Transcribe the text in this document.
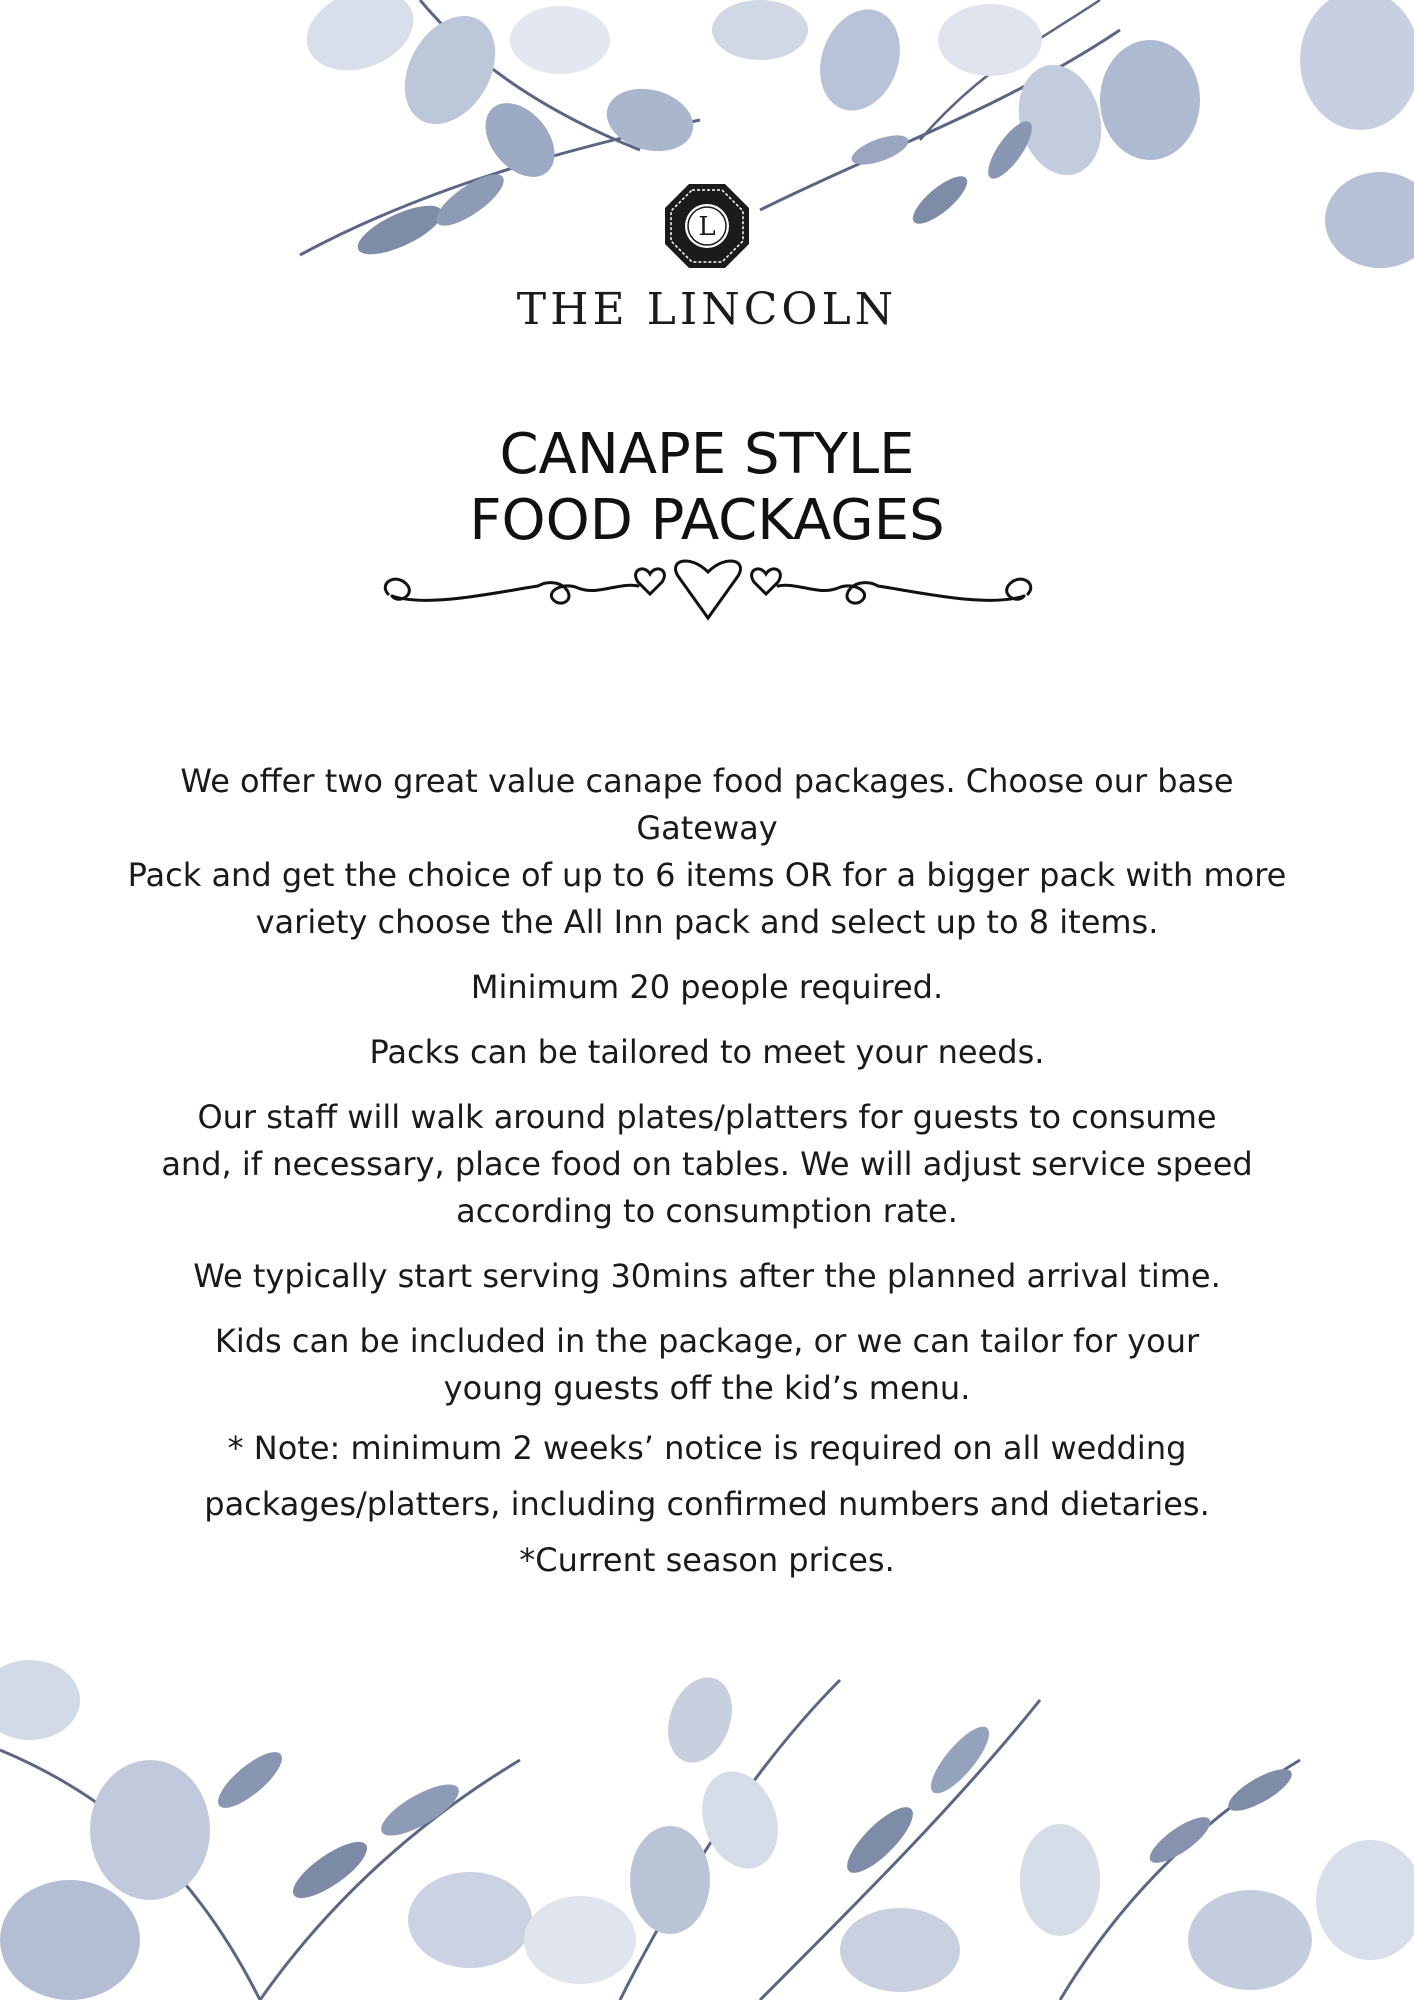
L
THE LINCOLN
CANAPE STYLE
FOOD PACKAGES

We offer two great value canape food packages. Choose our base Gateway
Pack and get the choice of up to 6 items OR for a bigger pack with more
variety choose the All Inn pack and select up to 8 items.

Minimum 20 people required.

Packs can be tailored to meet your needs.

Our staff will walk around plates/platters for guests to consume
and, if necessary, place food on tables. We will adjust service speed
according to consumption rate.

We typically start serving 30mins after the planned arrival time.

Kids can be included in the package, or we can tailor for your
young guests off the kid’s menu.

* Note: minimum 2 weeks’ notice is required on all wedding
packages/platters, including confirmed numbers and dietaries.
*Current season prices.
